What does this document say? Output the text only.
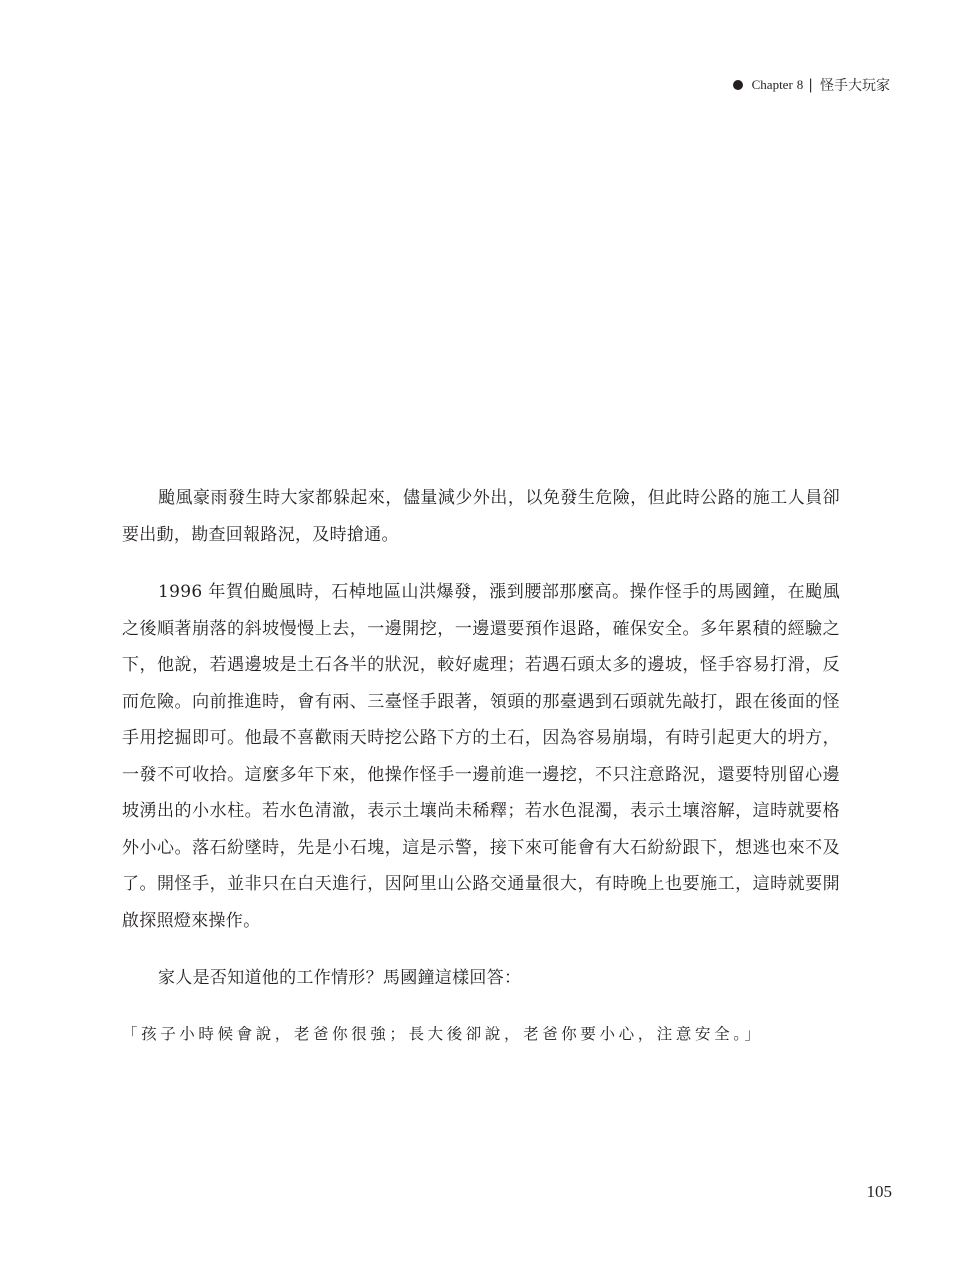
Chapter 8 | 怪手大玩家

颱風豪雨發生時大家都躲起來，儘量減少外出，以免發生危險，但此時公路的施工人員卻要出動，勘查回報路況，及時搶通。

1996 年賀伯颱風時，石棹地區山洪爆發，漲到腰部那麼高。操作怪手的馬國鐘，在颱風之後順著崩落的斜坡慢慢上去，一邊開挖，一邊還要預作退路，確保安全。多年累積的經驗之下，他說，若遇邊坡是土石各半的狀況，較好處理；若遇石頭太多的邊坡，怪手容易打滑，反而危險。向前推進時，會有兩、三臺怪手跟著，領頭的那臺遇到石頭就先敲打，跟在後面的怪手用挖掘即可。他最不喜歡雨天時挖公路下方的土石，因為容易崩塌，有時引起更大的坍方，一發不可收拾。這麼多年下來，他操作怪手一邊前進一邊挖，不只注意路況，還要特別留心邊坡湧出的小水柱。若水色清澈，表示土壤尚未稀釋；若水色混濁，表示土壤溶解，這時就要格外小心。落石紛墜時，先是小石塊，這是示警，接下來可能會有大石紛紛跟下，想逃也來不及了。開怪手，並非只在白天進行，因阿里山公路交通量很大，有時晚上也要施工，這時就要開啟探照燈來操作。

家人是否知道他的工作情形？馬國鐘這樣回答：

「孩子小時候會說，老爸你很強；長大後卻說，老爸你要小心，注意安全。」

105
